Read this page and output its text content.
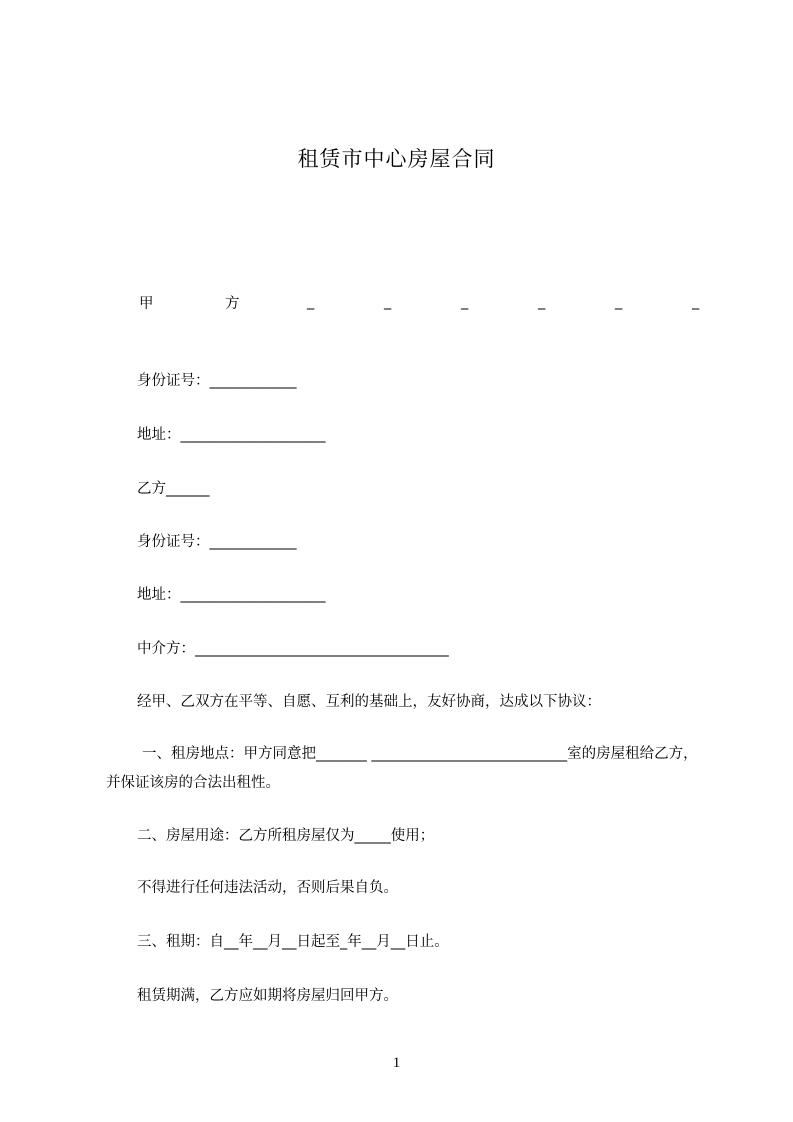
租赁市中心房屋合同
甲	方	_	_	_	_	_	_
身份证号：____________
地址：____________________
乙方______
身份证号：____________
地址：____________________
中介方：___________________________________
经甲、乙双方在平等、自愿、互利的基础上，友好协商，达成以下协议：
一、租房地点：甲方同意把_______ ___________________________室的房屋租给乙方，并保证该房的合法出租性。
二、房屋用途：乙方所租房屋仅为_____使用；
不得进行任何违法活动，否则后果自负。
三、租期：自__年__月__日起至_年__月__日止。
租赁期满，乙方应如期将房屋归回甲方。
1
